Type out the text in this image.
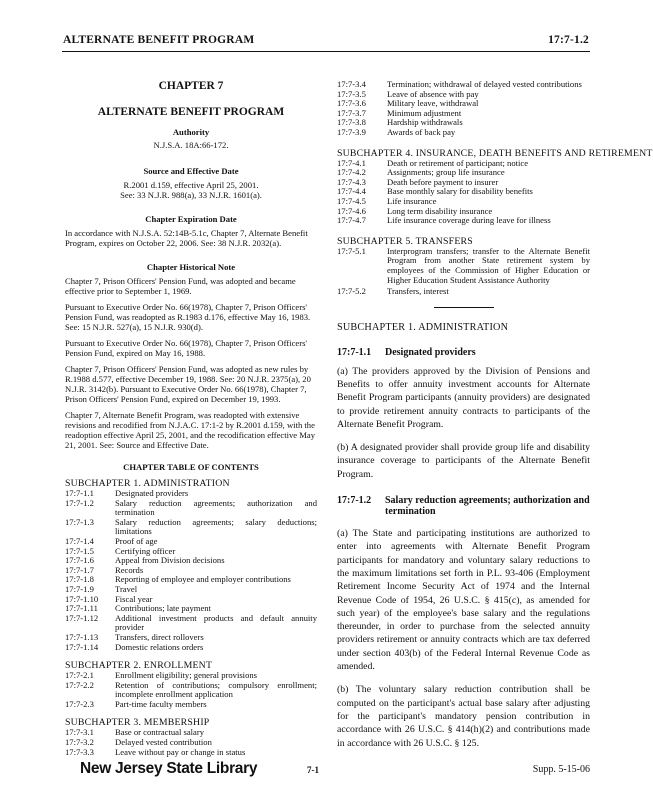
ALTERNATE BENEFIT PROGRAM	17:7-1.2

CHAPTER 7

ALTERNATE BENEFIT PROGRAM

Authority

N.J.S.A. 18A:66-172.

Source and Effective Date

R.2001 d.159, effective April 25, 2001.

See: 33 N.J.R. 988(a), 33 N.J.R. 1601(a).

Chapter Expiration Date

In accordance with N.J.S.A. 52:14B-5.1c, Chapter 7, Alternate Benefit Program, expires on October 22, 2006. See: 38 N.J.R. 2032(a).

Chapter Historical Note

Chapter 7, Prison Officers' Pension Fund, was adopted and became effective prior to September 1, 1969.

Pursuant to Executive Order No. 66(1978), Chapter 7, Prison Officers' Pension Fund, was readopted as R.1983 d.176, effective May 16, 1983. See: 15 N.J.R. 527(a), 15 N.J.R. 930(d).

Pursuant to Executive Order No. 66(1978), Chapter 7, Prison Officers' Pension Fund, expired on May 16, 1988.

Chapter 7, Prison Officers' Pension Fund, was adopted as new rules by R.1988 d.577, effective December 19, 1988. See: 20 N.J.R. 2375(a), 20 N.J.R. 3142(b). Pursuant to Executive Order No. 66(1978), Chapter 7, Prison Officers' Pension Fund, expired on December 19, 1993.

Chapter 7, Alternate Benefit Program, was readopted with extensive revisions and recodified from N.J.A.C. 17:1-2 by R.2001 d.159, with the readoption effective April 25, 2001, and the recodification effective May 21, 2001. See: Source and Effective Date.

CHAPTER TABLE OF CONTENTS

SUBCHAPTER 1. ADMINISTRATION
17:7-1.1	Designated providers
17:7-1.2	Salary reduction agreements; authorization and termination
17:7-1.3	Salary reduction agreements; salary deductions; limitations
17:7-1.4	Proof of age
17:7-1.5	Certifying officer
17:7-1.6	Appeal from Division decisions
17:7-1.7	Records
17:7-1.8	Reporting of employee and employer contributions
17:7-1.9	Travel
17:7-1.10	Fiscal year
17:7-1.11	Contributions; late payment
17:7-1.12	Additional investment products and default annuity provider
17:7-1.13	Transfers, direct rollovers
17:7-1.14	Domestic relations orders
SUBCHAPTER 2. ENROLLMENT
17:7-2.1	Enrollment eligibility; general provisions
17:7-2.2	Retention of contributions; compulsory enrollment; incomplete enrollment application
17:7-2.3	Part-time faculty members
SUBCHAPTER 3. MEMBERSHIP
17:7-3.1	Base or contractual salary
17:7-3.2	Delayed vested contribution
17:7-3.3	Leave without pay or change in status
17:7-3.4	Termination; withdrawal of delayed vested contributions
17:7-3.5	Leave of absence with pay
17:7-3.6	Military leave, withdrawal
17:7-3.7	Minimum adjustment
17:7-3.8	Hardship withdrawals
17:7-3.9	Awards of back pay
SUBCHAPTER 4. INSURANCE, DEATH BENEFITS AND RETIREMENT
17:7-4.1	Death or retirement of participant; notice
17:7-4.2	Assignments; group life insurance
17:7-4.3	Death before payment to insurer
17:7-4.4	Base monthly salary for disability benefits
17:7-4.5	Life insurance
17:7-4.6	Long term disability insurance
17:7-4.7	Life insurance coverage during leave for illness
SUBCHAPTER 5. TRANSFERS
17:7-5.1	Interprogram transfers; transfer to the Alternate Benefit Program from another State retirement system by employees of the Commission of Higher Education or Higher Education Student Assistance Authority
17:7-5.2	Transfers, interest
SUBCHAPTER 1. ADMINISTRATION
17:7-1.1	Designated providers

(a) The providers approved by the Division of Pensions and Benefits to offer annuity investment accounts for Alternate Benefit Program participants (annuity providers) are designated to provide retirement annuity contracts to participants of the Alternate Benefit Program.

(b) A designated provider shall provide group life and disability insurance coverage to participants of the Alternate Benefit Program.

17:7-1.2	Salary reduction agreements; authorization and termination

(a) The State and participating institutions are authorized to enter into agreements with Alternate Benefit Program participants for mandatory and voluntary salary reductions to the maximum limitations set forth in P.L. 93-406 (Employment Retirement Income Security Act of 1974 and the Internal Revenue Code of 1954, 26 U.S.C. § 415(c), as amended for such year) of the employee's base salary and the regulations thereunder, in order to purchase from the selected annuity providers retirement or annuity contracts which are tax deferred under section 403(b) of the Federal Internal Revenue Code as amended.

(b) The voluntary salary reduction contribution shall be computed on the participant's actual base salary after adjusting for the participant's mandatory pension contribution in accordance with 26 U.S.C. § 414(h)(2) and contributions made in accordance with 26 U.S.C. § 125.

New Jersey State Library	7-1	Supp. 5-15-06
